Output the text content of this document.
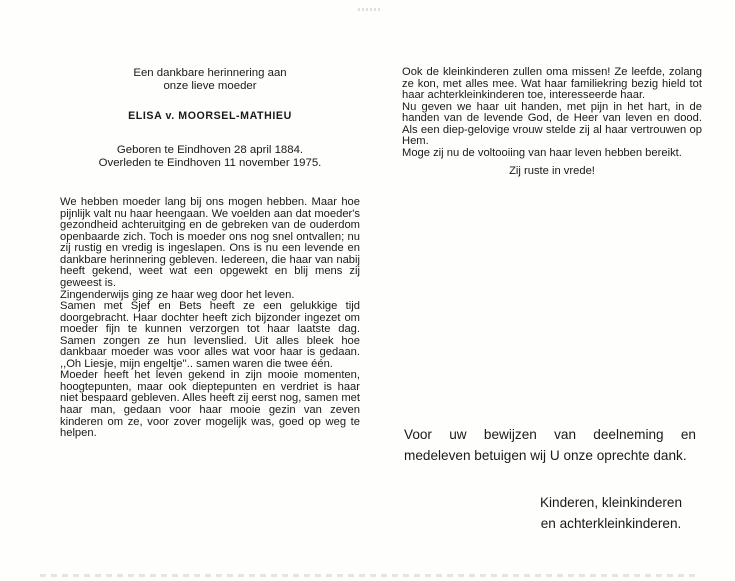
Een dankbare herinnering aan

onze lieve moeder

ELISA v. MOORSEL-MATHIEU

Geboren te Eindhoven 28 april 1884.
Overleden te Eindhoven 11 november 1975.

We hebben moeder lang bij ons mogen hebben. Maar hoe pijnlijk valt nu haar heengaan. We voelden aan dat moeder's gezondheid achteruitging en de gebreken van de ouderdom openbaarde zich. Toch is moeder ons nog snel ontvallen; nu zij rustig en vredig is ingeslapen. Ons is nu een levende en dankbare herinnering gebleven. Iedereen, die haar van nabij heeft gekend, weet wat een opgewekt en blij mens zij geweest is.

Zingenderwijs ging ze haar weg door het leven.

Samen met Sjef en Bets heeft ze een gelukkige tijd doorgebracht. Haar dochter heeft zich bijzonder ingezet om moeder fijn te kunnen verzorgen tot haar laatste dag. Samen zongen ze hun levenslied. Uit alles bleek hoe dankbaar moeder was voor alles wat voor haar is gedaan. ,,Oh Liesje, mijn engeltje''.. samen waren die twee één.

Moeder heeft het leven gekend in zijn mooie momenten, hoogtepunten, maar ook dieptepunten en verdriet is haar niet bespaard gebleven. Alles heeft zij eerst nog, samen met haar man, gedaan voor haar mooie gezin van zeven kinderen om ze, voor zover mogelijk was, goed op weg te helpen.

Ook de kleinkinderen zullen oma missen! Ze leefde, zolang ze kon, met alles mee. Wat haar familiekring bezig hield tot haar achterkleinkinderen toe, interesseerde haar.

Nu geven we haar uit handen, met pijn in het hart, in de handen van de levende God, de Heer van leven en dood. Als een diep-gelovige vrouw stelde zij al haar vertrouwen op Hem.

Moge zij nu de voltooiing van haar leven hebben bereikt.

Zij ruste in vrede!
Voor uw bewijzen van deelneming en medeleven betuigen wij U onze oprechte dank.
Kinderen, kleinkinderen
en achterkleinkinderen.
